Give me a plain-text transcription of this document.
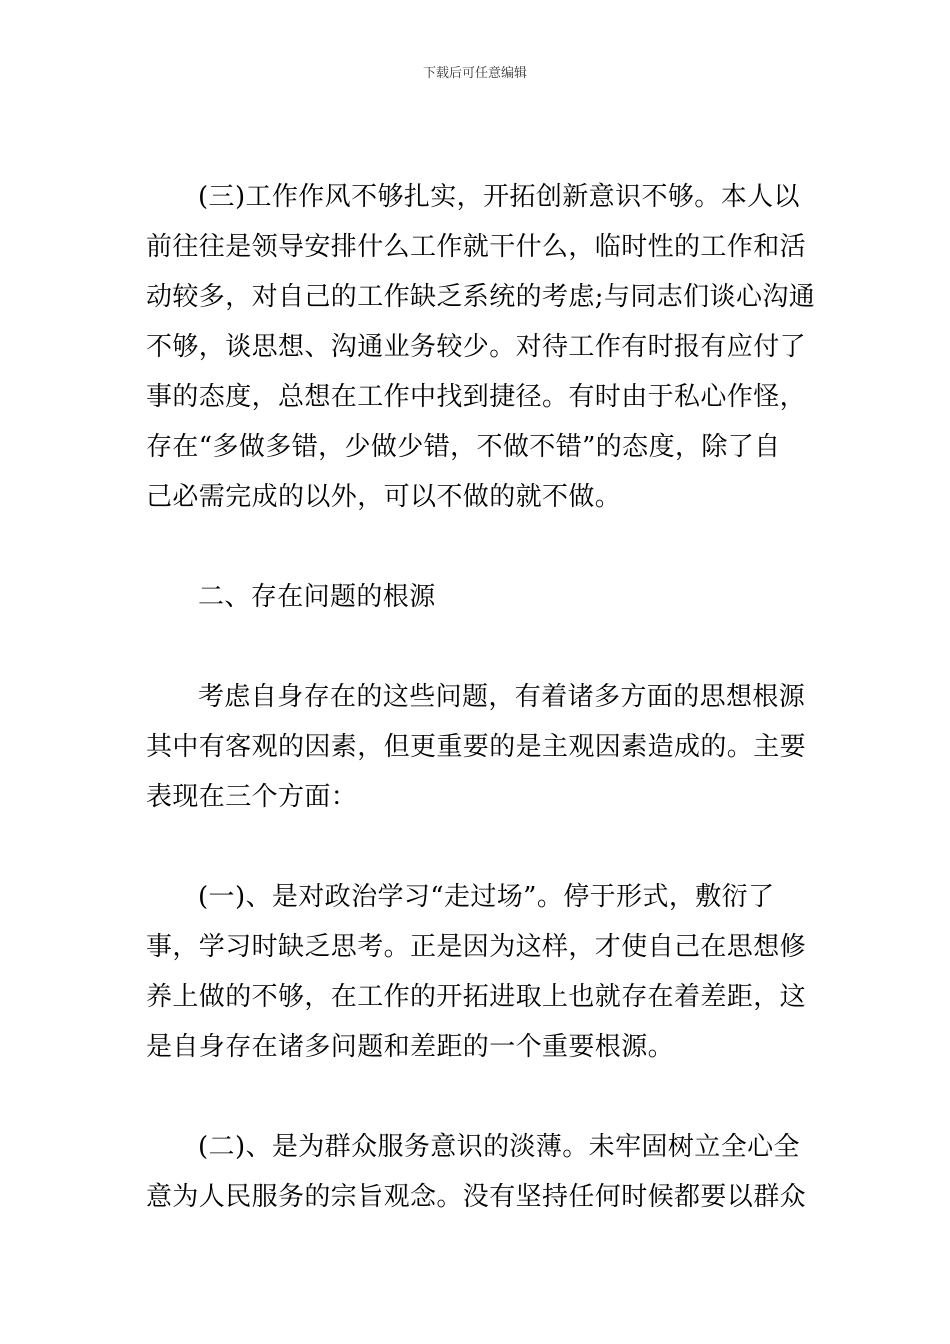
下载后可任意编辑
(三)工作作风不够扎实，开拓创新意识不够。本人以
前往往是领导安排什么工作就干什么，临时性的工作和活
动较多，对自己的工作缺乏系统的考虑;与同志们谈心沟通
不够，谈思想、沟通业务较少。对待工作有时报有应付了
事的态度，总想在工作中找到捷径。有时由于私心作怪，
存在“多做多错，少做少错，不做不错”的态度，除了自
己必需完成的以外，可以不做的就不做。
二、存在问题的根源
考虑自身存在的这些问题，有着诸多方面的思想根源
其中有客观的因素，但更重要的是主观因素造成的。主要
表现在三个方面：
(一)、是对政治学习“走过场”。停于形式，敷衍了
事，学习时缺乏思考。正是因为这样，才使自己在思想修
养上做的不够，在工作的开拓进取上也就存在着差距，这
是自身存在诸多问题和差距的一个重要根源。
(二)、是为群众服务意识的淡薄。未牢固树立全心全
意为人民服务的宗旨观念。没有坚持任何时候都要以群众
